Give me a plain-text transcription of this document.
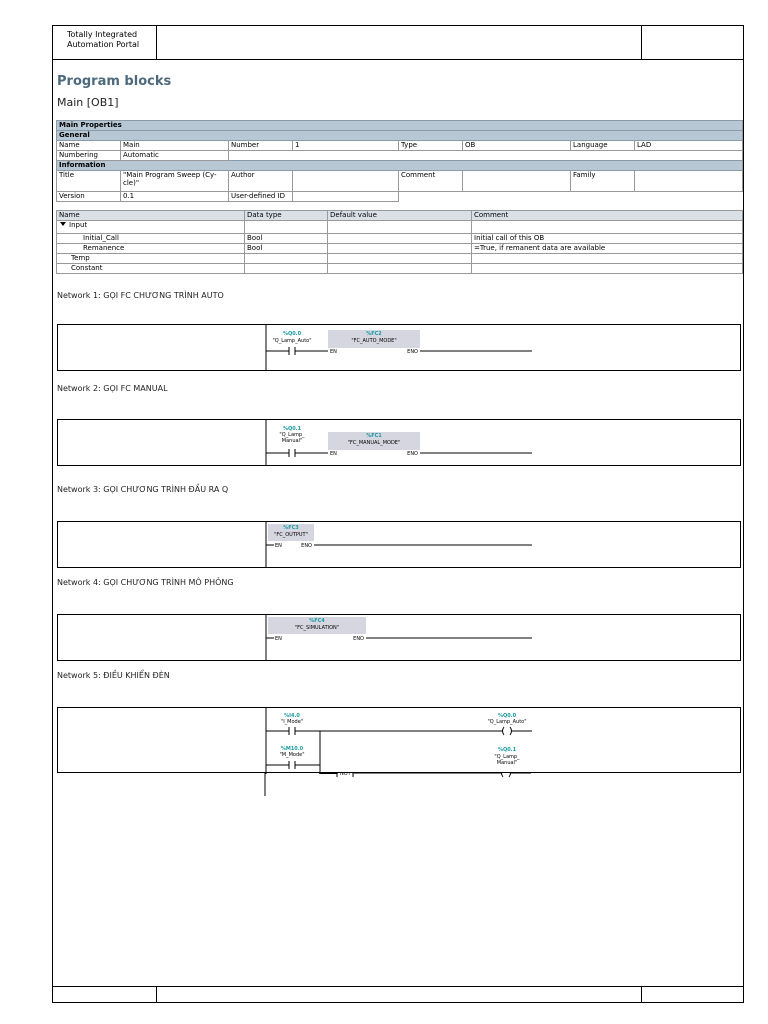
Totally Integrated
Automation Portal
Program blocks
Main [OB1]
Main Properties							
General							
Name	Main	Number	1	Type	OB	Language	LAD
Numbering	Automatic						
Information							
Title	"Main Program Sweep (Cy-cle)"	Author		Comment		Family	
Version	0.1	User-defined ID					
Name	Data type	Default value	Comment
Input			
Initial_Call	Bool		Initial call of this OB
Remanence	Bool		=True, if remanent data are available
Temp			
Constant			
Network 1: GỌI FC CHƯƠNG TRÌNH AUTO
%Q0.0
"Q_Lamp_Auto"
%FC2
"FC_AUTO_MODE"
EN	ENO
Network 2: GỌI FC MANUAL
%Q0.1
"Q_Lamp_
Manual"
%FC1
"FC_MANUAL_MODE"
EN	ENO
Network 3: GỌI CHƯƠNG TRÌNH ĐẦU RA Q
%FC3
"FC_OUTPUT"
EN	ENO
Network 4: GỌI CHƯƠNG TRÌNH MÔ PHỎNG
%FC4
"FC_SIMULATION"
EN	ENO
Network 5: ĐIỀU KHIỂN ĐÈN
%I4.0
"I_Mode"
%Q0.0
"Q_Lamp_Auto"
%M10.0
"M_Mode"
%Q0.1
"Q_Lamp_
Manual"
NOT
